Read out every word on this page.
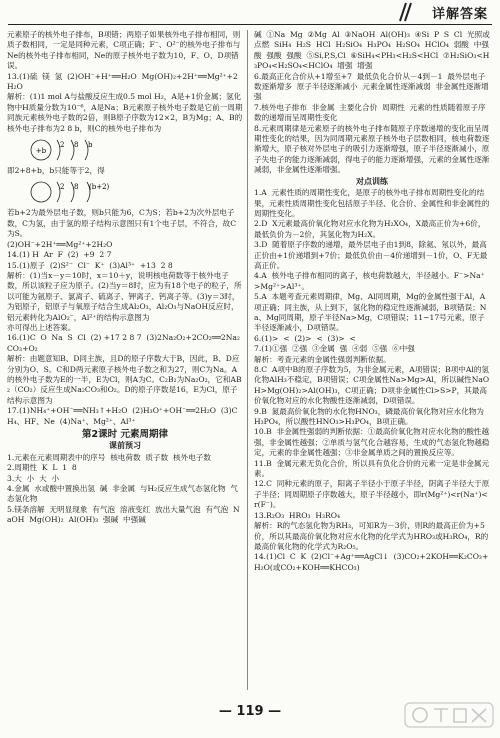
详解答案

元素原子的核外电子排布，B项错；两原子如果核外电子排布相同，则质子数相同，一定是同种元素，C项正确；F⁻、O²⁻的核外电子排布与Ne的核外电子排布相同，Ne的原子核外电子数为10，F、O、D项错误。

13.(1)硫  镁  氢  (2)OH⁻+H⁺══H₂O  Mg(OH)₂+2H⁺══Mg²⁺+2H₂O

解析：(1)1 mol A与盐酸反应生成0.5 mol H₂，A是+1价金属；氢化物中H质量分数为10⁻⁶，A是Na；B元素原子核外电子数是它前一周期同族元素核外电子数的2倍，则B原子序数为12×2，B为Mg；A、B的核外电子排布为2 8 b，则C的核外电子排布为

+b
2 8 b

即2+8+b，b只能等于2，得

2 8 (b+2)

若b+2为最外层电子数，则b只能为6，C为S；若b+2为次外层电子数，C为氢，由于氢的原子结构示意图只有1个电子层，不符合，故C为S。

(2)OH⁻+2H⁺══Mg²⁺+2H₂O

14.(1) H  Ar  F  (2)  +9  2 7

15.(1)原子  (2)S²⁻  Cl⁻  K⁺  (3)Al³⁺  +13  2 8

解析：(1)当x－y＝10时，x＝10＋y，说明核电荷数等于核外电子数，所以该粒子应为原子。(2)当y＝8时，应为有18个电子的粒子，所以可能为氩原子、氯离子、硫离子、钾离子、钙离子等。(3)y＝3时，为铝原子，铝原子与氧原子结合生成Al₂O₃，Al₂O₃与NaOH反应时，铝元素转化为AlO₂⁻，Al²⁺的结构示意图为

亦可得出上述答案。

16.(1)C  O  Na  S  Cl  (2) +17 2 8 7  (3)2Na₂O₂+2CO₂══2Na₂CO₃+O₂

解析：由题意知B、D同主族，且D的原子序数大于B，因此，B、D应分别为O、S。C和D两元素原子核外电子数之和为27，则C为Na。A的核外电子数为E的一半，E为Cl，则A为C。C₂B₂为Na₂O₂，它和AB₂（CO₂）反应生成Na₂CO₃和O₂。D的原子序数是16，E为Cl，原子结构示意图为

17.(1)NH₄⁺+OH⁻══NH₃↑+H₂O  (2)H₃O⁺+OH⁻══2H₂O  (3)CH₄、HF、Ne  (4)Na⁺、Mg²⁺、Al³⁺

第2课时 元素周期律
课前预习

1.元素在元素周期表中的序号  核电荷数  质子数  核外电子数

2.周期性  K  L  1  8

3.大  小  大  小

4.金属  水或酸中置换出氢  碱  非金属  与H₂反应生成气态氢化物  气态氢化物

5.镁条溶解  无明显现象  有气泡  溶液变红  放出大量气泡  有气泡  NaOH  Mg(OH)₂  Al(OH)₃  强碱  中强碱

碱  ①Na  Mg  ②Mg  Al  ③NaOH  Al(OH)₃  ④Si  P  S  Cl  光照或点燃  SiH₄  H₂S  HCl  H₂SiO₄  H₃PO₄  H₂SO₄  HClO₄  弱酸  中强酸  强酸  强酸  ⑤Si,P,S,Cl  ⑥SiH₄<PH₃<H₂S<HCl  ⑦H₂SiO₃<H₃PO₄<H₂SO₄<HClO₄  增强  增强

6.最高正化合价从+1增至+7  最低负化合价从－4到－1  最外层电子数逐渐增多  原子半径逐渐减小  元素金属性逐渐减弱  非金属性逐渐增强

7.核外电子排布  非金属  主要化合价  周期性  元素的性质随着原子序数的递增而呈周期性变化

8.元素周期律是元素原子的核外电子排布随原子序数递增的变化而呈周期性变化的结果，因为同周期元素原子核外电子层数相同，核电荷数逐渐增大，原子核对外层电子的吸引力逐渐增强，原子半径逐渐减小，原子失电子的能力逐渐减弱，得电子的能力逐渐增强，元素的金属性逐渐减弱，非金属性逐渐增强。

对点训练

1.A  元素性质的周期性变化，是原子的核外电子排布周期性变化的结果，元素性质周期性变化包括原子半径、化合价、金属性和非金属性的周期性变化。

2.D  X元素最高价氧化物对应水化物为H₂XO₄，X最高正价为+6价，最低负价为－2价，其氢化物为H₂X。

3.D  随着原子序数的递增，最外层电子由1到8，除氦、氖以外，最高正价由+1价递增到+7价；最低负价由－4价递增到－1价，O、F无最高正价。

4.A  核外电子排布相同的离子，核电荷数越大，半径越小。F⁻>Na⁺>Mg²⁺>Al³⁺。

5.A  本题考查元素周期律，Mg、Al同周期，Mg的金属性强于Al，A项正确；同主族，从上到下，氢化物的稳定性逐渐减弱，B项错误；Na、Mg同周期，原子半径Na>Mg，C项错误；11~17号元素，原子半径逐渐减小，D项错误。

6.(1)>  <  (2)>  <  (3)>  <

7.(1)①强  ②强  ③金属  强  ④弱  ⑤强  ⑥中强

解析：考查元素的金属性强弱判断依据。

8.C  A项中B的原子序数为5，为非金属元素，A项错误；B项中Al的氢化物AlH₃不稳定，B项错误；C项金属性Na>Mg>Al，所以碱性NaOH>Mg(OH)₂>Al(OH)₃，C项正确；D项非金属性Cl>S>P，其最高价氧化物对应的水化物酸性逐渐减弱，D项错误。

9.B  氮最高价氧化物的水化物HNO₃，磷最高价氧化物对应水化物为H₃PO₄，所以酸性HNO₃>H₃PO₄，B项正确。

10.B  非金属性强弱的判断依据：①最高价氧化物对应水化物的酸性越强，非金属性越强；②单质与氢气化合越容易，生成的气态氢化物越稳定，元素的非金属性越强；③非金属单质之间的置换反应等。

11.B  金属元素无负化合价，所以具有负化合价的元素一定是非金属元素。

12.C  同种元素的原子，阳离子半径小于原子半径，阴离子半径大于原子半径；同周期原子序数越大，原子半径越小，即r(Mg²⁺)<r(Na⁺)<r(F⁻)。

13.R₂O₃  HRO₃  H₃RO₄

解析：R的气态氢化物为RH₃，可知R为－3价，则R的最高正价为+5价，所以其最高价氧化物对应水化物的化学式为HRO₃或H₃RO₄，R的最高价氧化物的化学式为R₂O₅。

14.(1)Cl  C  K  (2)Cl⁻+Ag⁺══AgCl↓  (3)CO₂+2KOH══K₂CO₃+H₂O(或CO₂+KOH══KHCO₃)

— 119 —
